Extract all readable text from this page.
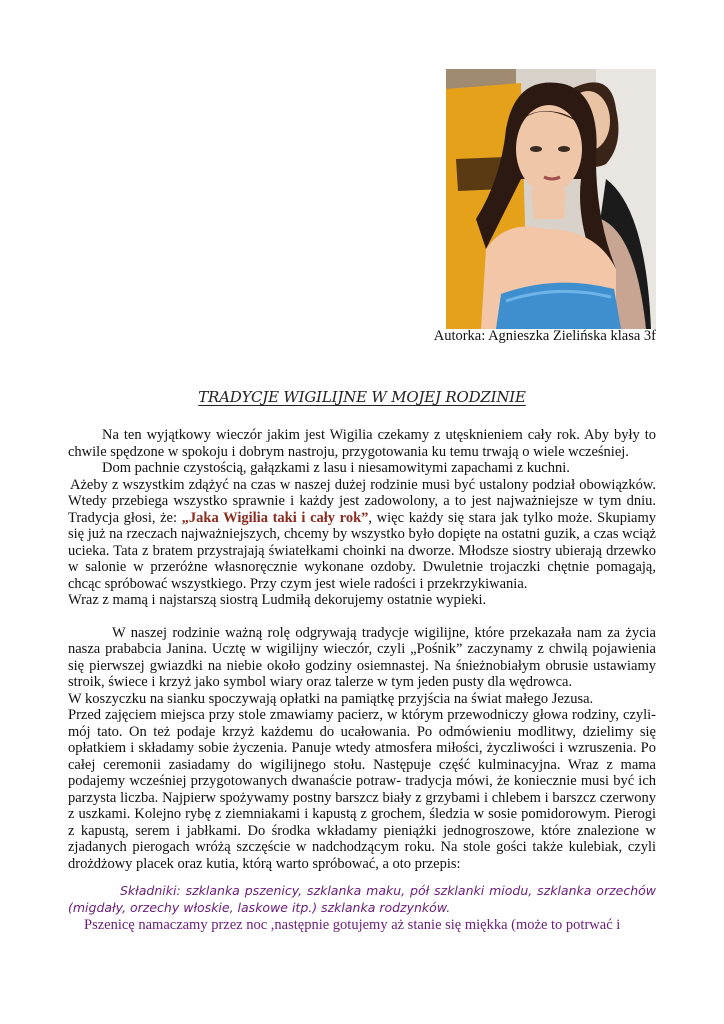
Autorka: Agnieszka Zielińska klasa 3f
TRADYCJE WIGILIJNE W MOJEJ RODZINIE

Na ten wyjątkowy wieczór jakim jest Wigilia czekamy z utęsknieniem cały rok. Aby były to chwile spędzone w spokoju i dobrym nastroju, przygotowania ku temu trwają o wiele wcześniej.

Dom pachnie czystością, gałązkami z lasu i niesamowitymi zapachami z kuchni.

Ażeby z wszystkim zdążyć na czas w naszej dużej rodzinie musi być ustalony podział obowiązków. Wtedy przebiega wszystko sprawnie i każdy jest zadowolony, a to jest najważniejsze w tym dniu. Tradycja głosi, że: „Jaka Wigilia taki i cały rok”, więc każdy się stara jak tylko może. Skupiamy się już na rzeczach najważniejszych, chcemy by wszystko było dopięte na ostatni guzik, a czas wciąż ucieka. Tata z bratem przystrajają światełkami choinki na dworze. Młodsze siostry ubierają drzewko w salonie w przeróżne własnoręcznie wykonane ozdoby. Dwuletnie trojaczki chętnie pomagają, chcąc spróbować wszystkiego. Przy czym jest wiele radości i przekrzykiwania.

Wraz z mamą i najstarszą siostrą Ludmiłą dekorujemy ostatnie wypieki.

W naszej rodzinie ważną rolę odgrywają tradycje wigilijne, które przekazała nam za życia nasza prababcia Janina. Ucztę w wigilijny wieczór, czyli „Pośnik” zaczynamy z chwilą pojawienia się pierwszej gwiazdki na niebie około godziny osiemnastej. Na śnieżnobiałym obrusie ustawiamy stroik, świece i krzyż jako symbol wiary oraz talerze w tym jeden pusty dla wędrowca.

W koszyczku na sianku spoczywają opłatki na pamiątkę przyjścia na świat małego Jezusa.

Przed zajęciem miejsca przy stole zmawiamy pacierz, w którym przewodniczy głowa rodziny, czyli- mój tato. On też podaje krzyż każdemu do ucałowania. Po odmówieniu modlitwy, dzielimy się opłatkiem i składamy sobie życzenia. Panuje wtedy atmosfera miłości, życzliwości i wzruszenia. Po całej ceremonii zasiadamy do wigilijnego stołu. Następuje część kulminacyjna. Wraz z mama podajemy wcześniej przygotowanych dwanaście potraw- tradycja mówi, że koniecznie musi być ich parzysta liczba. Najpierw spożywamy postny barszcz biały z grzybami i chlebem i barszcz czerwony z uszkami. Kolejno rybę z ziemniakami i kapustą z grochem, śledzia w sosie pomidorowym. Pierogi z kapustą, serem i jabłkami. Do środka wkładamy pieniążki jednogroszowe, które znalezione w zjadanych pierogach wróżą szczęście w nadchodzącym roku. Na stole gości także kulebiak, czyli drożdżowy placek oraz kutia, którą warto spróbować, a oto przepis:

Składniki: szklanka pszenicy, szklanka maku, pół szklanki miodu, szklanka orzechów (migdały, orzechy włoskie, laskowe itp.) szklanka rodzynków.

Pszenicę namaczamy przez noc ,następnie gotujemy aż stanie się miękka (może to potrwać i
